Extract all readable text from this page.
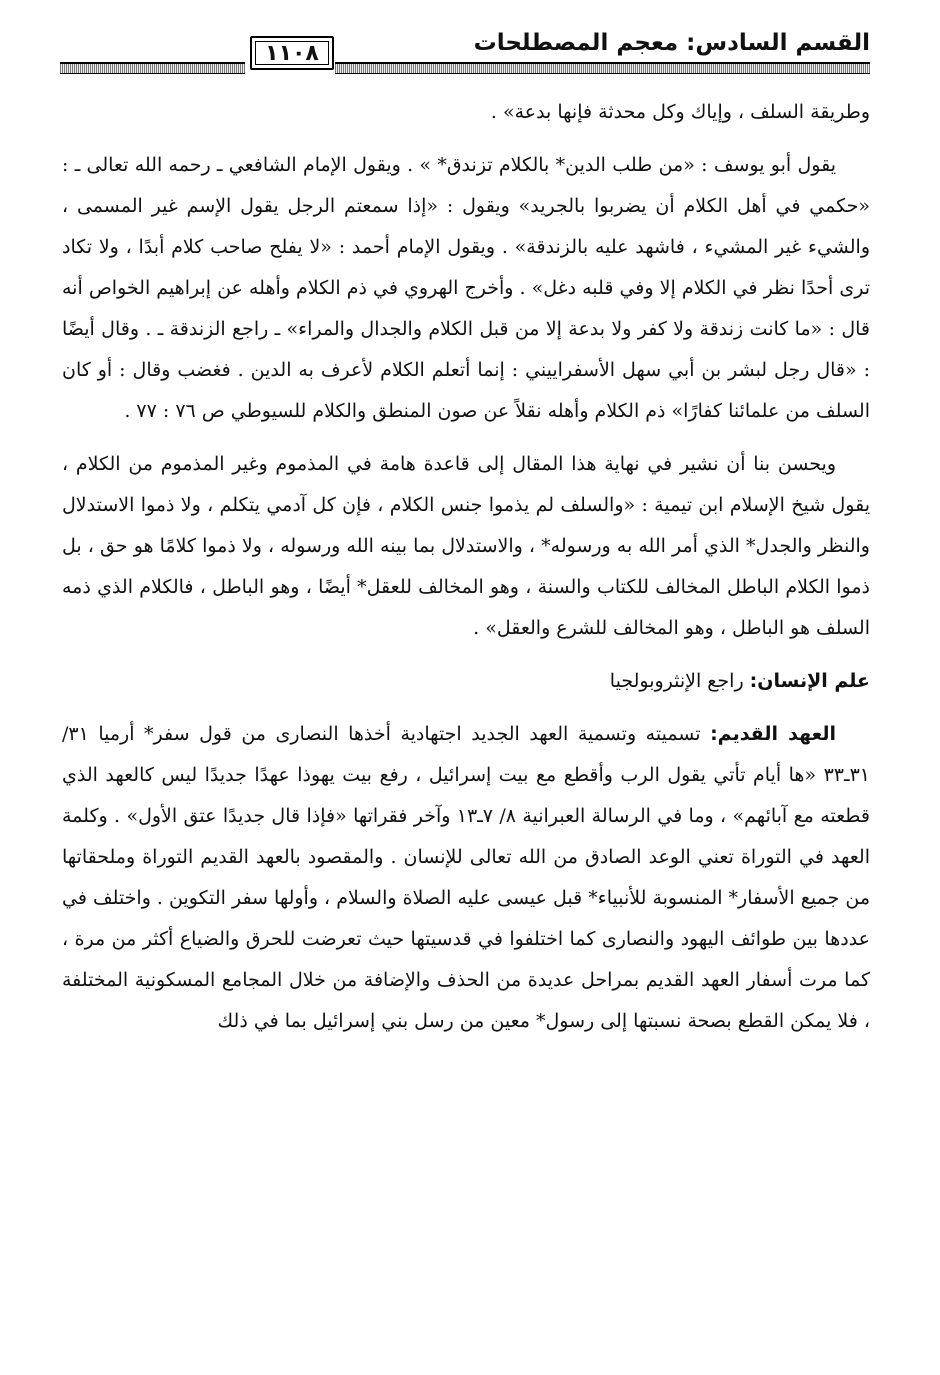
القسم السادس: معجم المصطلحات
١١٠٨

وطريقة السلف ، وإياك وكل محدثة فإنها بدعة» .

يقول أبو يوسف : «من طلب الدين* بالكلام تزندق* » . ويقول الإمام الشافعي ـ رحمه الله تعالى ـ : «حكمي في أهل الكلام أن يضربوا بالجريد» ويقول : «إذا سمعتم الرجل يقول الإسم غير المسمى ، والشيء غير المشيء ، فاشهد عليه بالزندقة» . ويقول الإمام أحمد : «لا يفلح صاحب كلام أبدًا ، ولا تكاد ترى أحدًا نظر في الكلام إلا وفي قلبه دغل» . وأخرج الهروي في ذم الكلام وأهله عن إبراهيم الخواص أنه قال : «ما كانت زندقة ولا كفر ولا بدعة إلا من قبل الكلام والجدال والمراء» ـ راجع الزندقة ـ . وقال أيضًا : «قال رجل لبشر بن أبي سهل الأسفراييني : إنما أتعلم الكلام لأعرف به الدين . فغضب وقال : أو كان السلف من علمائنا كفارًا» ذم الكلام وأهله نقلاً عن صون المنطق والكلام للسيوطي ص ٧٦ : ٧٧ .

ويحسن بنا أن نشير في نهاية هذا المقال إلى قاعدة هامة في المذموم وغير المذموم من الكلام ، يقول شيخ الإسلام ابن تيمية : «والسلف لم يذموا جنس الكلام ، فإن كل آدمي يتكلم ، ولا ذموا الاستدلال والنظر والجدل* الذي أمر الله به ورسوله* ، والاستدلال بما بينه الله ورسوله ، ولا ذموا كلامًا هو حق ، بل ذموا الكلام الباطل المخالف للكتاب والسنة ، وهو المخالف للعقل* أيضًا ، وهو الباطل ، فالكلام الذي ذمه السلف هو الباطل ، وهو المخالف للشرع والعقل» .

علم الإنسان: راجع الإنثروبولجيا

العهد القديم: تسميته وتسمية العهد الجديد اجتهادية أخذها النصارى من قول سفر* أرميا ٣١/ ٣١ـ٣٣ «ها أيام تأتي يقول الرب وأقطع مع بيت إسرائيل ، رفع بيت يهوذا عهدًا جديدًا ليس كالعهد الذي قطعته مع آبائهم» ، وما في الرسالة العبرانية ٨/ ٧ـ١٣ وآخر فقراتها «فإذا قال جديدًا عتق الأول» . وكلمة العهد في التوراة تعني الوعد الصادق من الله تعالى للإنسان . والمقصود بالعهد القديم التوراة وملحقاتها من جميع الأسفار* المنسوبة للأنبياء* قبل عيسى عليه الصلاة والسلام ، وأولها سفر التكوين . واختلف في عددها بين طوائف اليهود والنصارى كما اختلفوا في قدسيتها حيث تعرضت للحرق والضياع أكثر من مرة ، كما مرت أسفار العهد القديم بمراحل عديدة من الحذف والإضافة من خلال المجامع المسكونية المختلفة ، فلا يمكن القطع بصحة نسبتها إلى رسول* معين من رسل بني إسرائيل بما في ذلك
